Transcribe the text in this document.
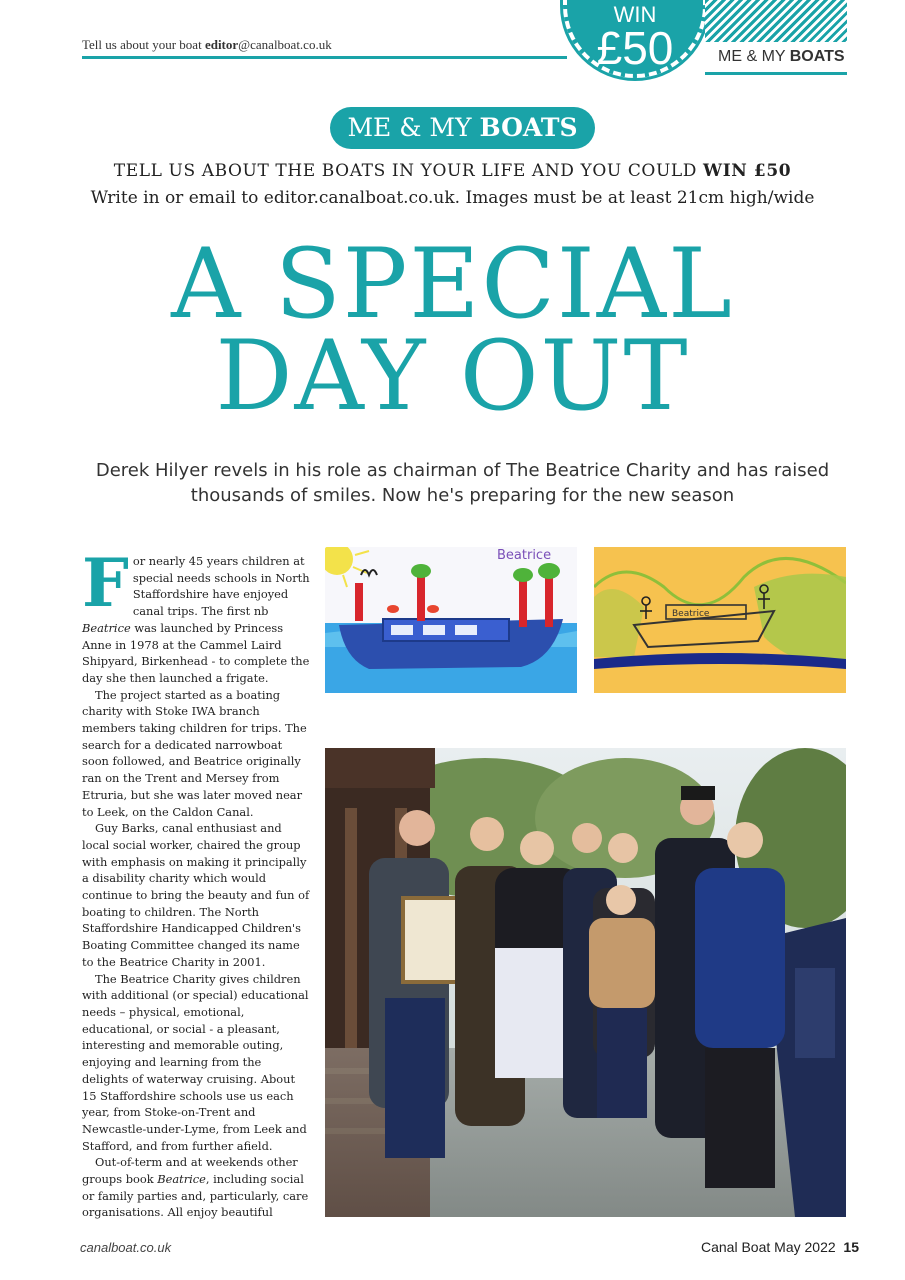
Tell us about your boat editor@canalboat.co.uk
WIN
£50	ME & MY BOATS
ME & MY BOATS
TELL US ABOUT THE BOATS IN YOUR LIFE AND YOU COULD WIN £50
Write in or email to editor.canalboat.co.uk. Images must be at least 21cm high/wide
A SPECIAL
DAY OUT
Derek Hilyer revels in his role as chairman of The Beatrice Charity and has raised thousands of smiles. Now he's preparing for the new season

For nearly 45 years children at special needs schools in North Staffordshire have enjoyed canal trips. The first nb Beatrice was launched by Princess Anne in 1978 at the Cammel Laird Shipyard, Birkenhead - to complete the day she then launched a frigate.

The project started as a boating charity with Stoke IWA branch members taking children for trips. The search for a dedicated narrowboat soon followed, and Beatrice originally ran on the Trent and Mersey from Etruria, but she was later moved near to Leek, on the Caldon Canal.

Guy Barks, canal enthusiast and local social worker, chaired the group with emphasis on making it principally a disability charity which would continue to bring the beauty and fun of boating to children. The North Staffordshire Handicapped Children's Boating Committee changed its name to the Beatrice Charity in 2001.

The Beatrice Charity gives children with additional (or special) educational needs – physical, emotional, educational, or social - a pleasant, interesting and memorable outing, enjoying and learning from the delights of waterway cruising. About 15 Staffordshire schools use us each year, from Stoke-on-Trent and Newcastle-under-Lyme, from Leek and Stafford, and from further afield.

Out-of-term and at weekends other groups book Beatrice, including social or family parties and, particularly, care organisations. All enjoy beautiful

Beatrice
Beatrice
canalboat.co.uk	Canal Boat May 2022 15
